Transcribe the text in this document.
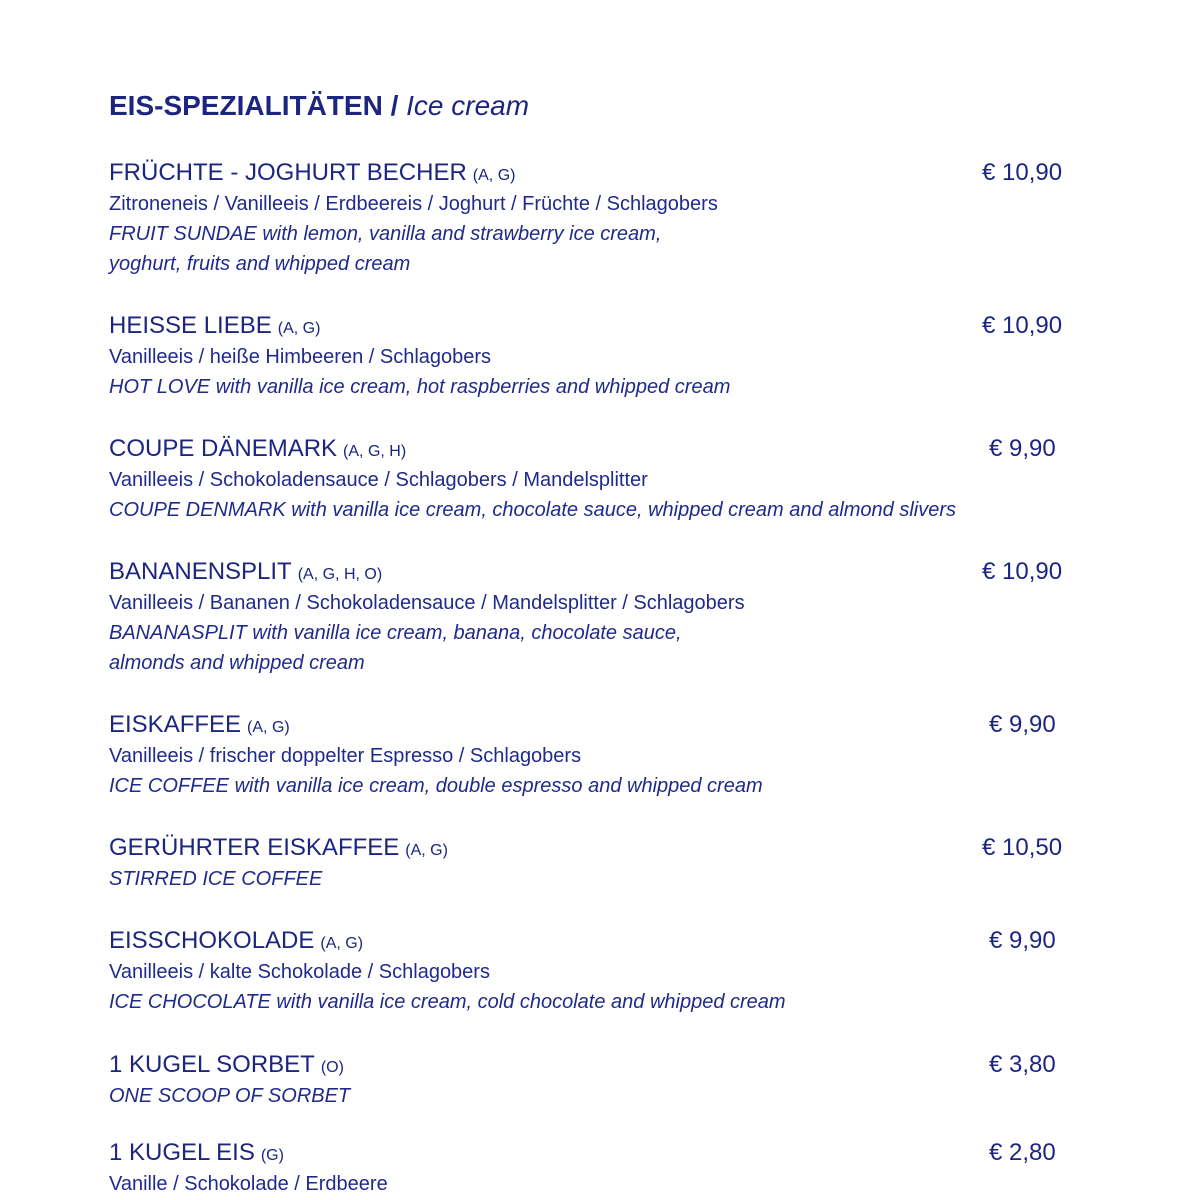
EIS-SPEZIALITÄTEN / Ice cream
FRÜCHTE - JOGHURT BECHER (A, G)	€ 10,90
Zitroneneis / Vanilleeis / Erdbeereis / Joghurt / Früchte / Schlagobers
FRUIT SUNDAE with lemon, vanilla and strawberry ice cream,
yoghurt, fruits and whipped cream
HEISSE LIEBE (A, G)	€ 10,90
Vanilleeis / heiße Himbeeren / Schlagobers
HOT LOVE with vanilla ice cream, hot raspberries and whipped cream
COUPE DÄNEMARK (A, G, H)	€ 9,90
Vanilleeis / Schokoladensauce / Schlagobers / Mandelsplitter
COUPE DENMARK with vanilla ice cream, chocolate sauce, whipped cream and almond slivers
BANANENSPLIT (A, G, H, O)	€ 10,90
Vanilleeis / Bananen / Schokoladensauce / Mandelsplitter / Schlagobers
BANANASPLIT with vanilla ice cream, banana, chocolate sauce,
almonds and whipped cream
EISKAFFEE (A, G)	€ 9,90
Vanilleeis / frischer doppelter Espresso / Schlagobers
ICE COFFEE with vanilla ice cream, double espresso and whipped cream
GERÜHRTER EISKAFFEE (A, G)	€ 10,50
STIRRED ICE COFFEE
EISSCHOKOLADE (A, G)	€ 9,90
Vanilleeis / kalte Schokolade / Schlagobers
ICE CHOCOLATE with vanilla ice cream, cold chocolate and whipped cream
1 KUGEL SORBET (O)	€ 3,80
ONE SCOOP OF SORBET
1 KUGEL EIS (G)	€ 2,80
Vanille / Schokolade / Erdbeere
